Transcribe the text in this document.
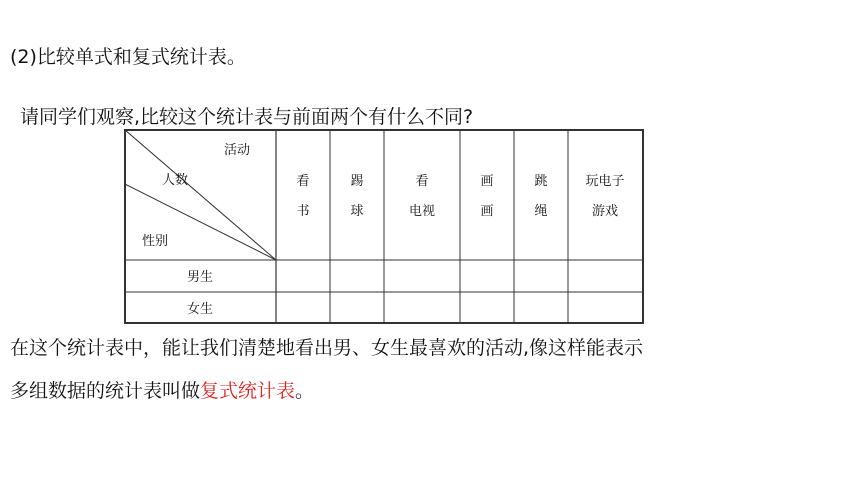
(2)比较单式和复式统计表。
请同学们观察,比较这个统计表与前面两个有什么不同?
活动
人数
性别
看
书
踢
球
看
电视
画
画
跳
绳
玩电子
游戏
男生
女生
在这个统计表中，能让我们清楚地看出男、女生最喜欢的活动,像这样能表示
多组数据的统计表叫做复式统计表。
